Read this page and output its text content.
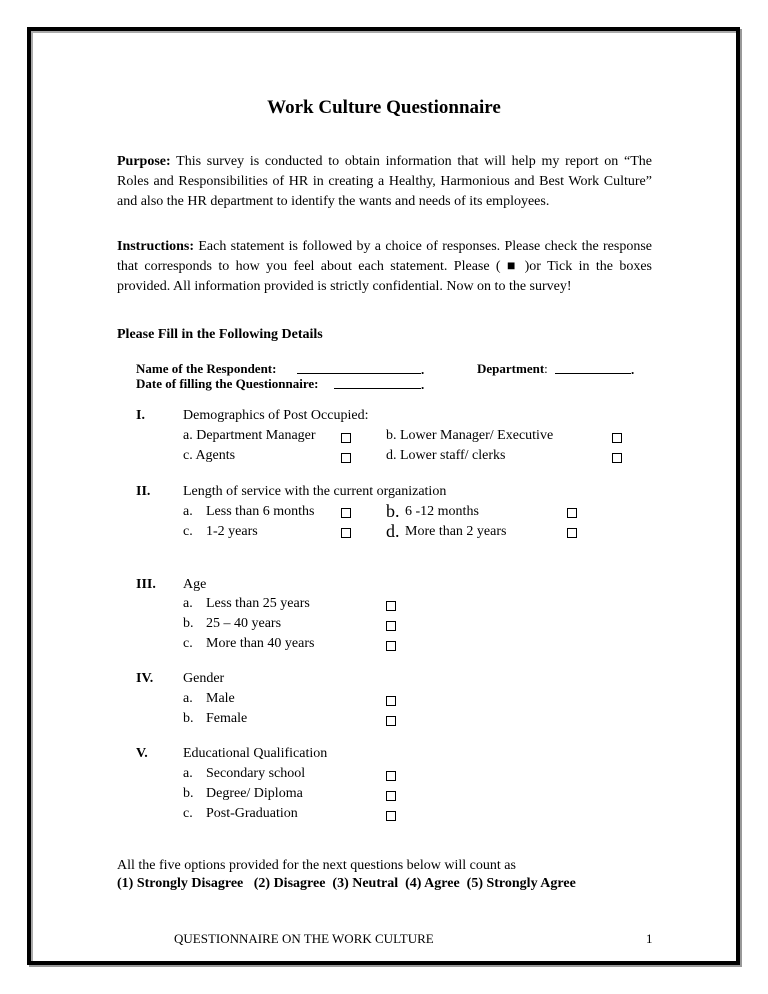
Work Culture Questionnaire
Purpose: This survey is conducted to obtain information that will help my report on “The Roles and Responsibilities of HR in creating a Healthy, Harmonious and Best Work Culture” and also the HR department to identify the wants and needs of its employees.
Instructions: Each statement is followed by a choice of responses. Please check the response that corresponds to how you feel about each statement. Please ( ■ )or Tick in the boxes provided. All information provided is strictly confidential. Now on to the survey!
Please Fill in the Following Details
Name of the Respondent:	.	Department:	.
Date of filling the Questionnaire:	.
I.	Demographics of Post Occupied:
a. Department Manager	b. Lower Manager/ Executive
c. Agents	d. Lower staff/ clerks
II. Length of service with the current organization
a. Less than 6 months	b. 6 -12 months
c. 1-2 years	d. More than 2 years
III. Age
a. Less than 25 years
b. 25 – 40 years
c. More than 40 years
IV. Gender
a. Male
b. Female
V.	Educational Qualification
a. Secondary school
b. Degree/ Diploma
c. Post-Graduation
All the five options provided for the next questions below will count as
(1) Strongly Disagree   (2) Disagree  (3) Neutral  (4) Agree  (5) Strongly Agree
QUESTIONNAIRE ON THE WORK CULTURE	1
